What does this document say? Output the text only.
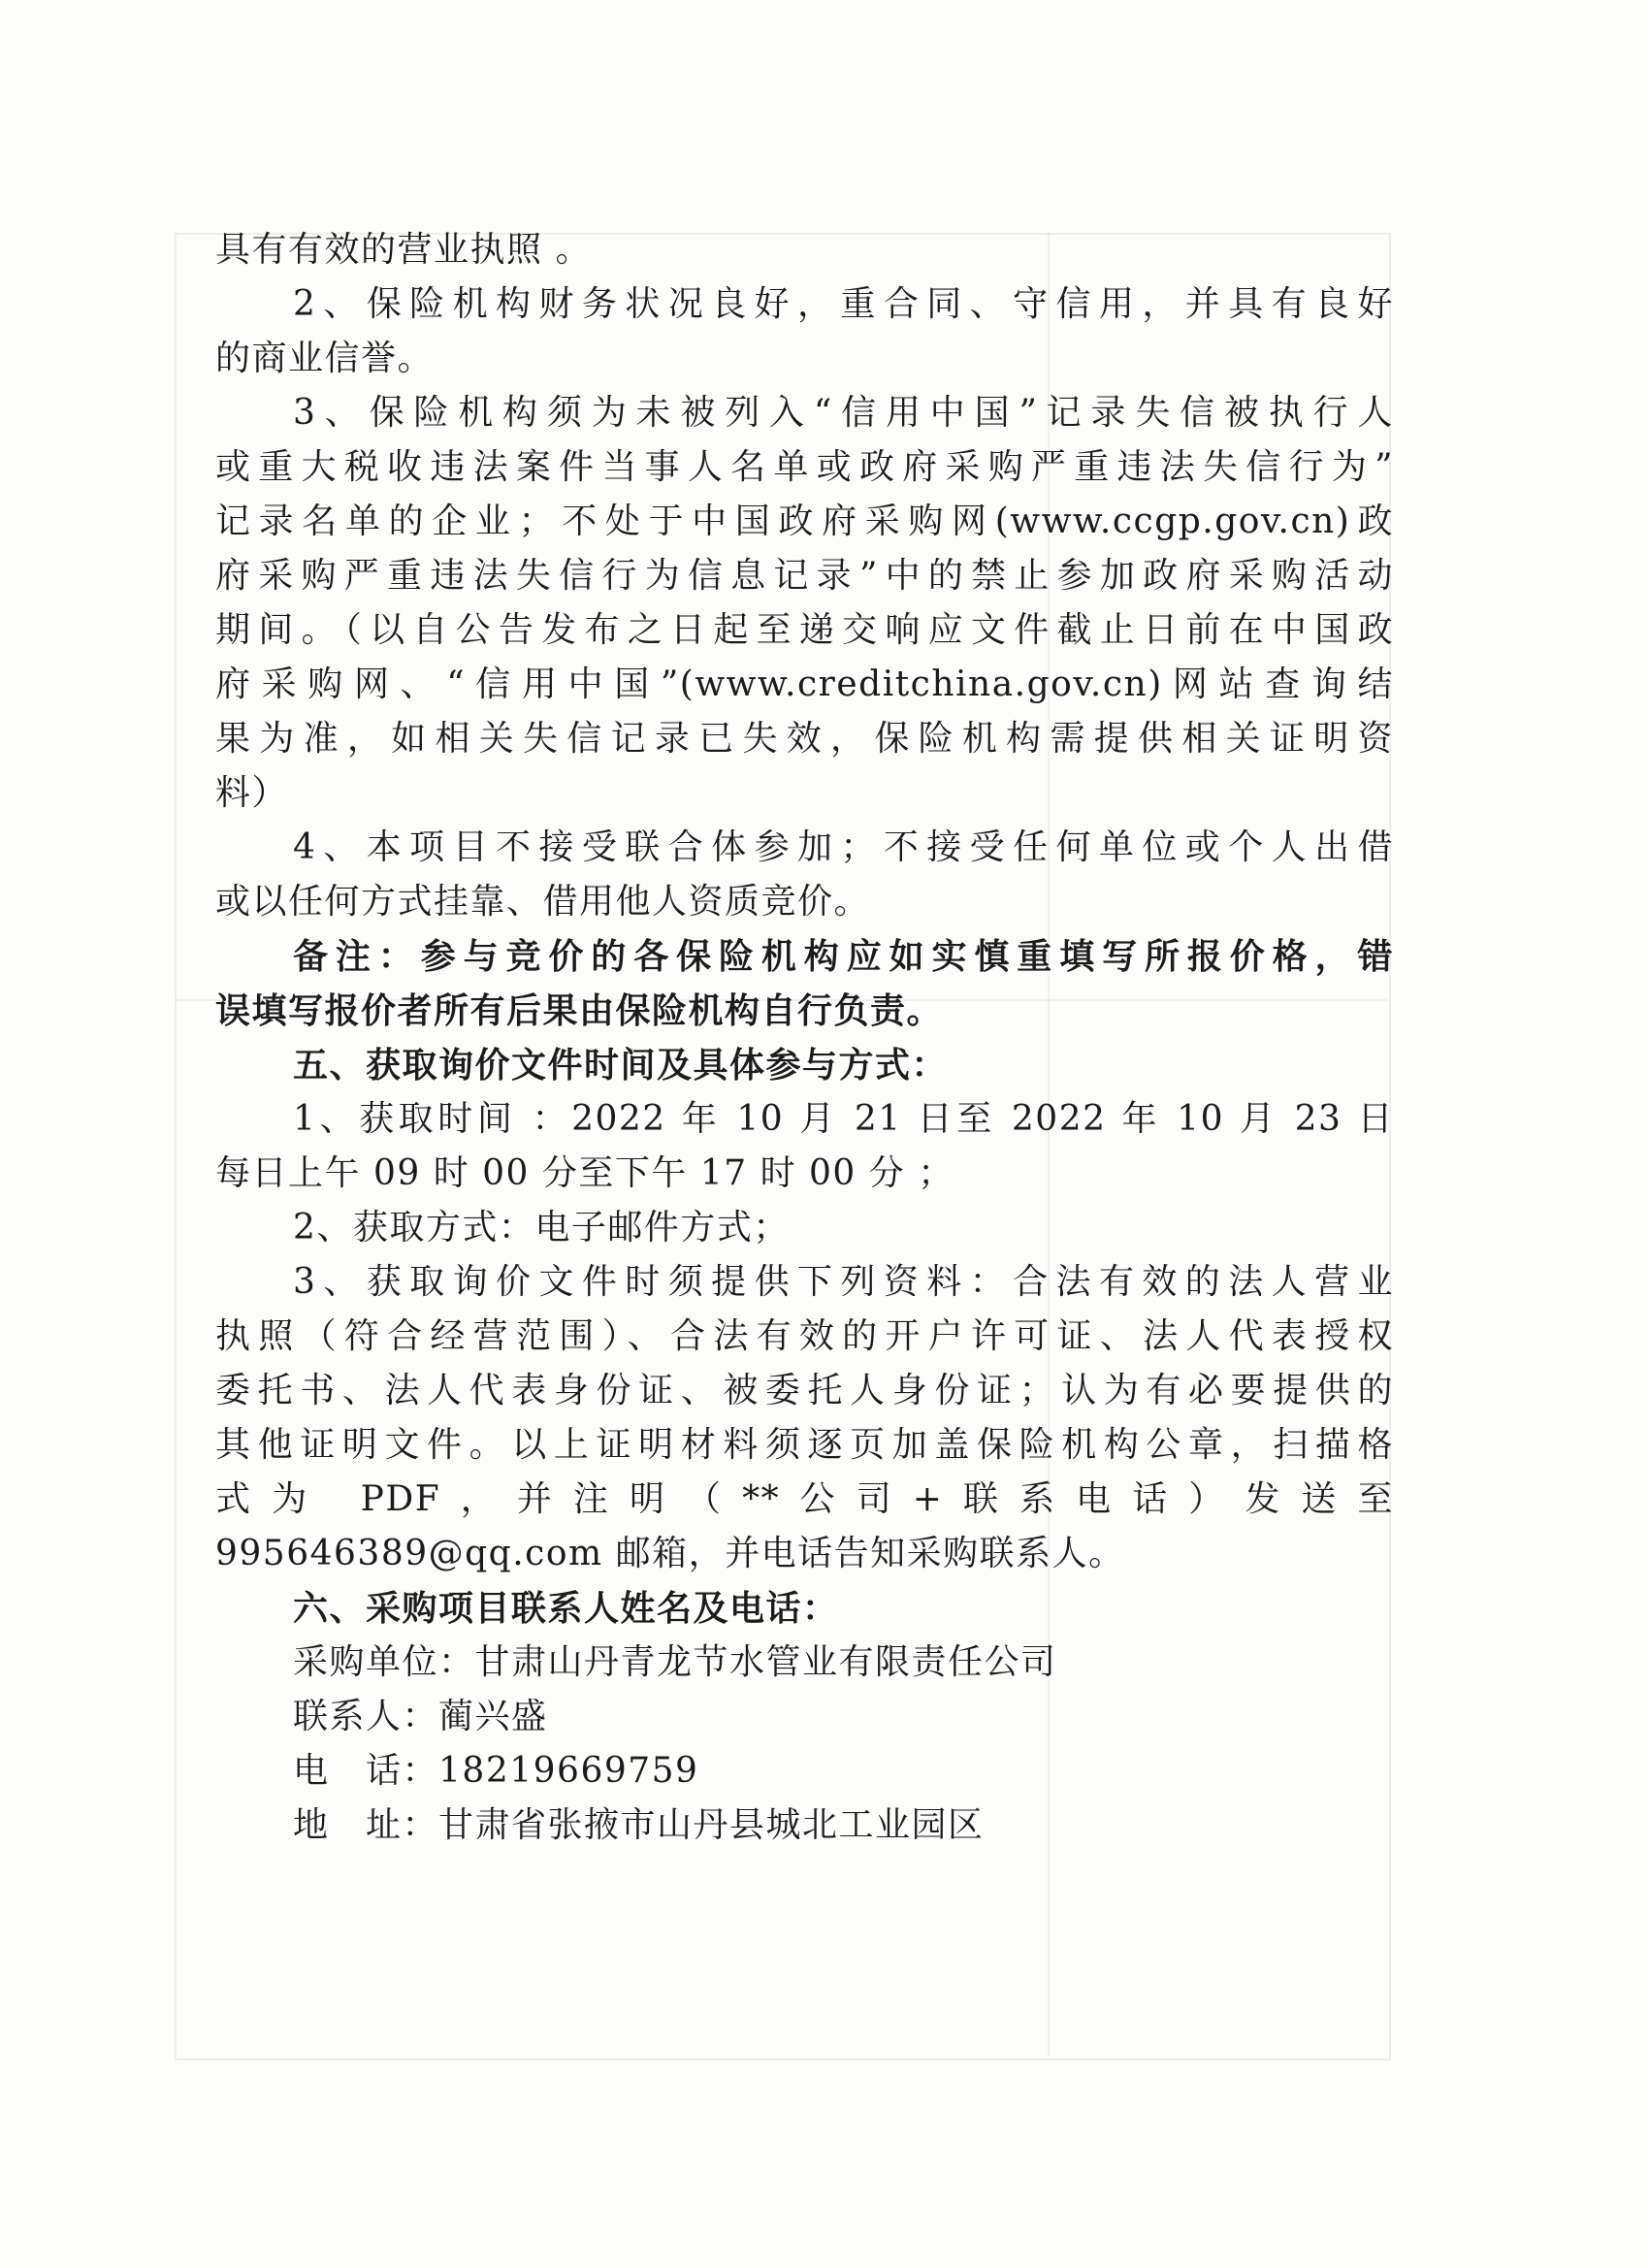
具有有效的营业执照 。

2、保险机构财务状况良好，重合同、守信用，并具有良好

的商业信誉。

3、保险机构须为未被列入“信用中国”记录失信被执行人

或重大税收违法案件当事人名单或政府采购严重违法失信行为”

记录名单的企业；不处于中国政府采购网(www.ccgp.gov.cn)政

府采购严重违法失信行为信息记录”中的禁止参加政府采购活动

期间。（以自公告发布之日起至递交响应文件截止日前在中国政

府采购网、“信用中国”(www.creditchina.gov.cn)网站查询结

果为准，如相关失信记录已失效，保险机构需提供相关证明资

料）

4、本项目不接受联合体参加；不接受任何单位或个人出借

或以任何方式挂靠、借用他人资质竞价。

备注：参与竞价的各保险机构应如实慎重填写所报价格，错

误填写报价者所有后果由保险机构自行负责。

五、获取询价文件时间及具体参与方式：

1、获取时间 ：2022 年 10 月 21 日至 2022 年 10 月 23 日

每日上午 09 时 00 分至下午 17 时 00 分 ；

2、获取方式：电子邮件方式；

3、获取询价文件时须提供下列资料：合法有效的法人营业

执照（符合经营范围）、合法有效的开户许可证、法人代表授权

委托书、法人代表身份证、被委托人身份证；认为有必要提供的

其他证明文件。以上证明材料须逐页加盖保险机构公章，扫描格

式为 PDF，并注明（**公司+联系电话）发送至

995646389@qq.com 邮箱，并电话告知采购联系人。

六、采购项目联系人姓名及电话：

采购单位：甘肃山丹青龙节水管业有限责任公司

联系人：蔺兴盛

电　话：18219669759

地　址：甘肃省张掖市山丹县城北工业园区
